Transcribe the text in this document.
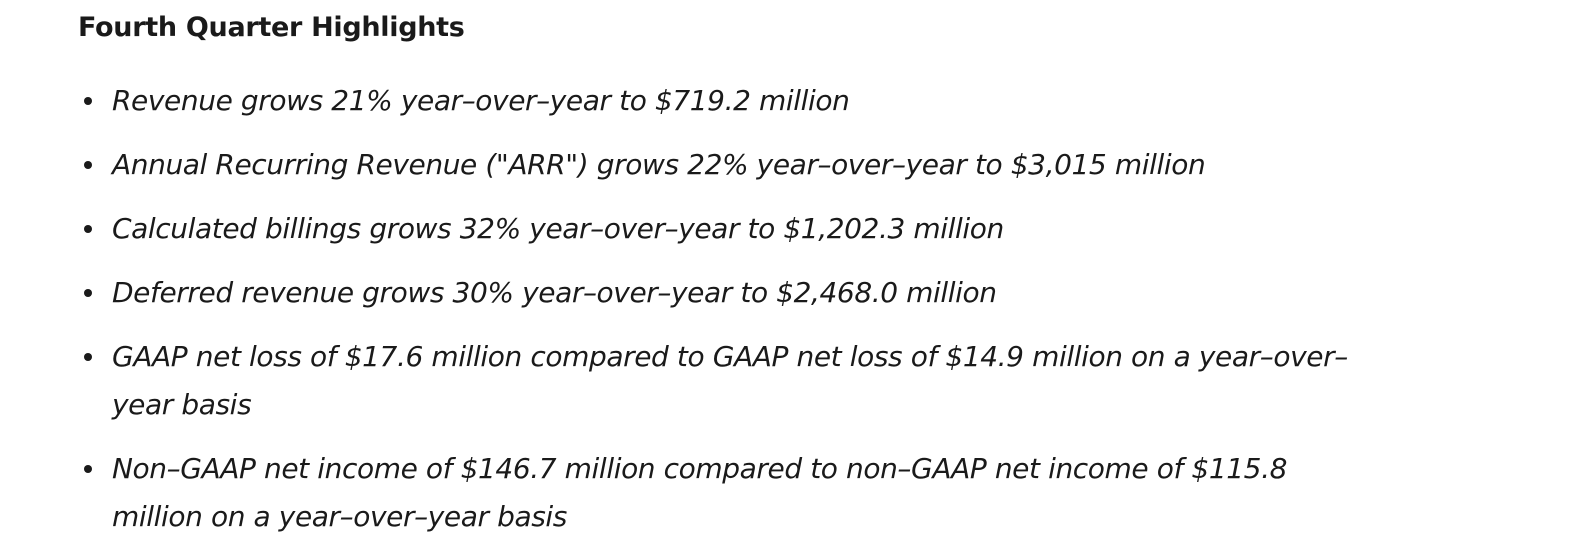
Fourth Quarter Highlights
Revenue grows 21% year–over–year to $719.2 million
Annual Recurring Revenue ("ARR") grows 22% year–over–year to $3,015 million
Calculated billings grows 32% year–over–year to $1,202.3 million
Deferred revenue grows 30% year–over–year to $2,468.0 million
GAAP net loss of $17.6 million compared to GAAP net loss of $14.9 million on a year–over–year basis
Non–GAAP net income of $146.7 million compared to non–GAAP net income of $115.8 million on a year–over–year basis
